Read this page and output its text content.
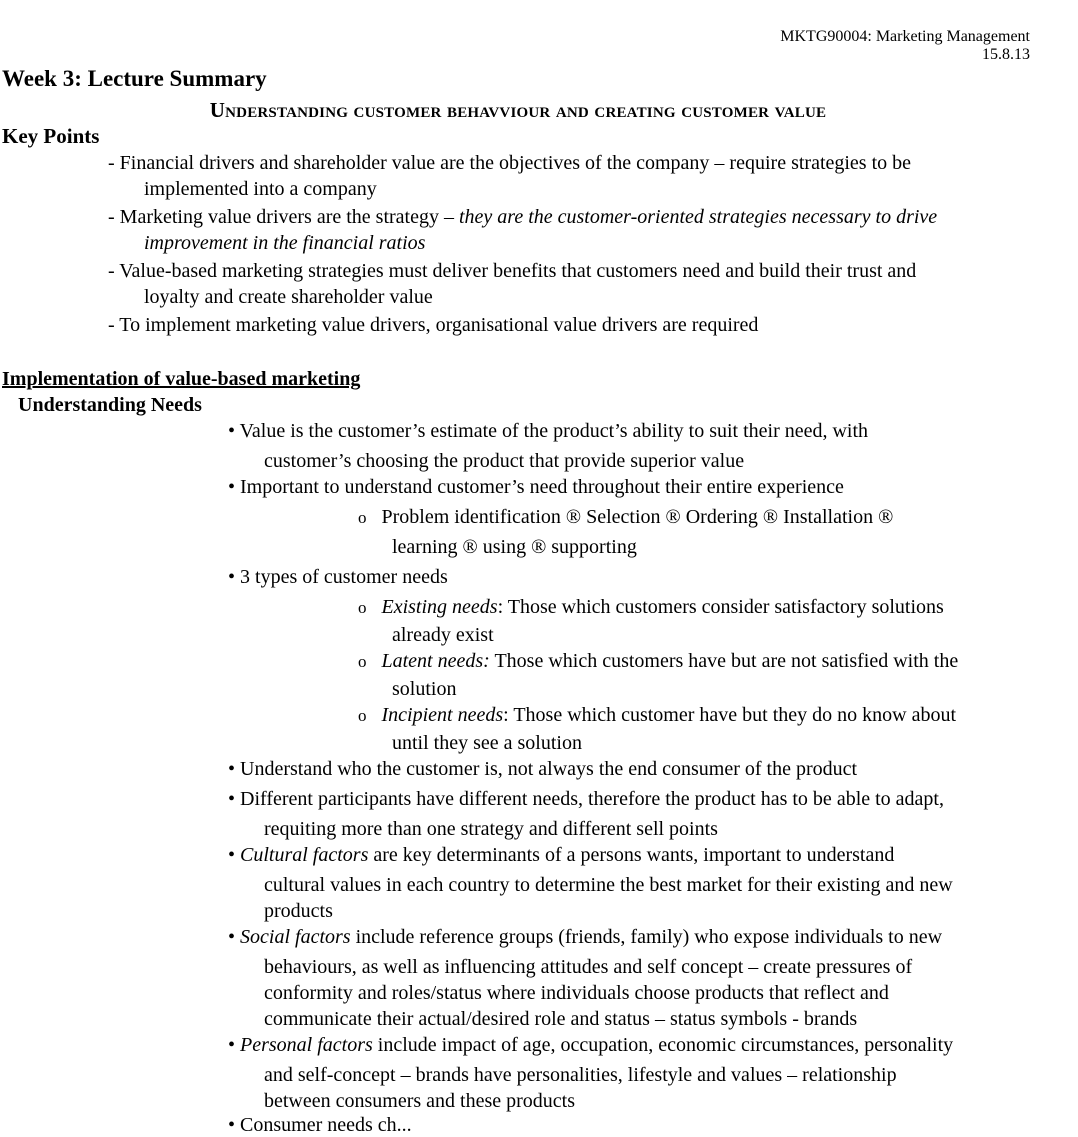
MKTG90004: Marketing Management
15.8.13
Week 3: Lecture Summary
Understanding customer behavviour and creating customer value
Key Points
- Financial drivers and shareholder value are the objectives of the company – require strategies to be
implemented into a company
- Marketing value drivers are the strategy – they are the customer-oriented strategies necessary to drive
improvement in the financial ratios
- Value-based marketing strategies must deliver benefits that customers need and build their trust and
loyalty and create shareholder value
- To implement marketing value drivers, organisational value drivers are required
Implementation of value-based marketing
Understanding Needs
• Value is the customer’s estimate of the product’s ability to suit their need, with
customer’s choosing the product that provide superior value
• Important to understand customer’s need throughout their entire experience
o Problem identification ® Selection ® Ordering ® Installation ®
learning ® using ® supporting
• 3 types of customer needs
o Existing needs: Those which customers consider satisfactory solutions
already exist
o Latent needs: Those which customers have but are not satisfied with the
solution
o Incipient needs: Those which customer have but they do no know about
until they see a solution
• Understand who the customer is, not always the end consumer of the product
• Different participants have different needs, therefore the product has to be able to adapt,
requiting more than one strategy and different sell points
• Cultural factors are key determinants of a persons wants, important to understand
cultural values in each country to determine the best market for their existing and new
products
• Social factors include reference groups (friends, family) who expose individuals to new
behaviours, as well as influencing attitudes and self concept – create pressures of
conformity and roles/status where individuals choose products that reflect and
communicate their actual/desired role and status – status symbols - brands
• Personal factors include impact of age, occupation, economic circumstances, personality
and self-concept – brands have personalities, lifestyle and values – relationship
between consumers and these products
• Consumer needs ch...
